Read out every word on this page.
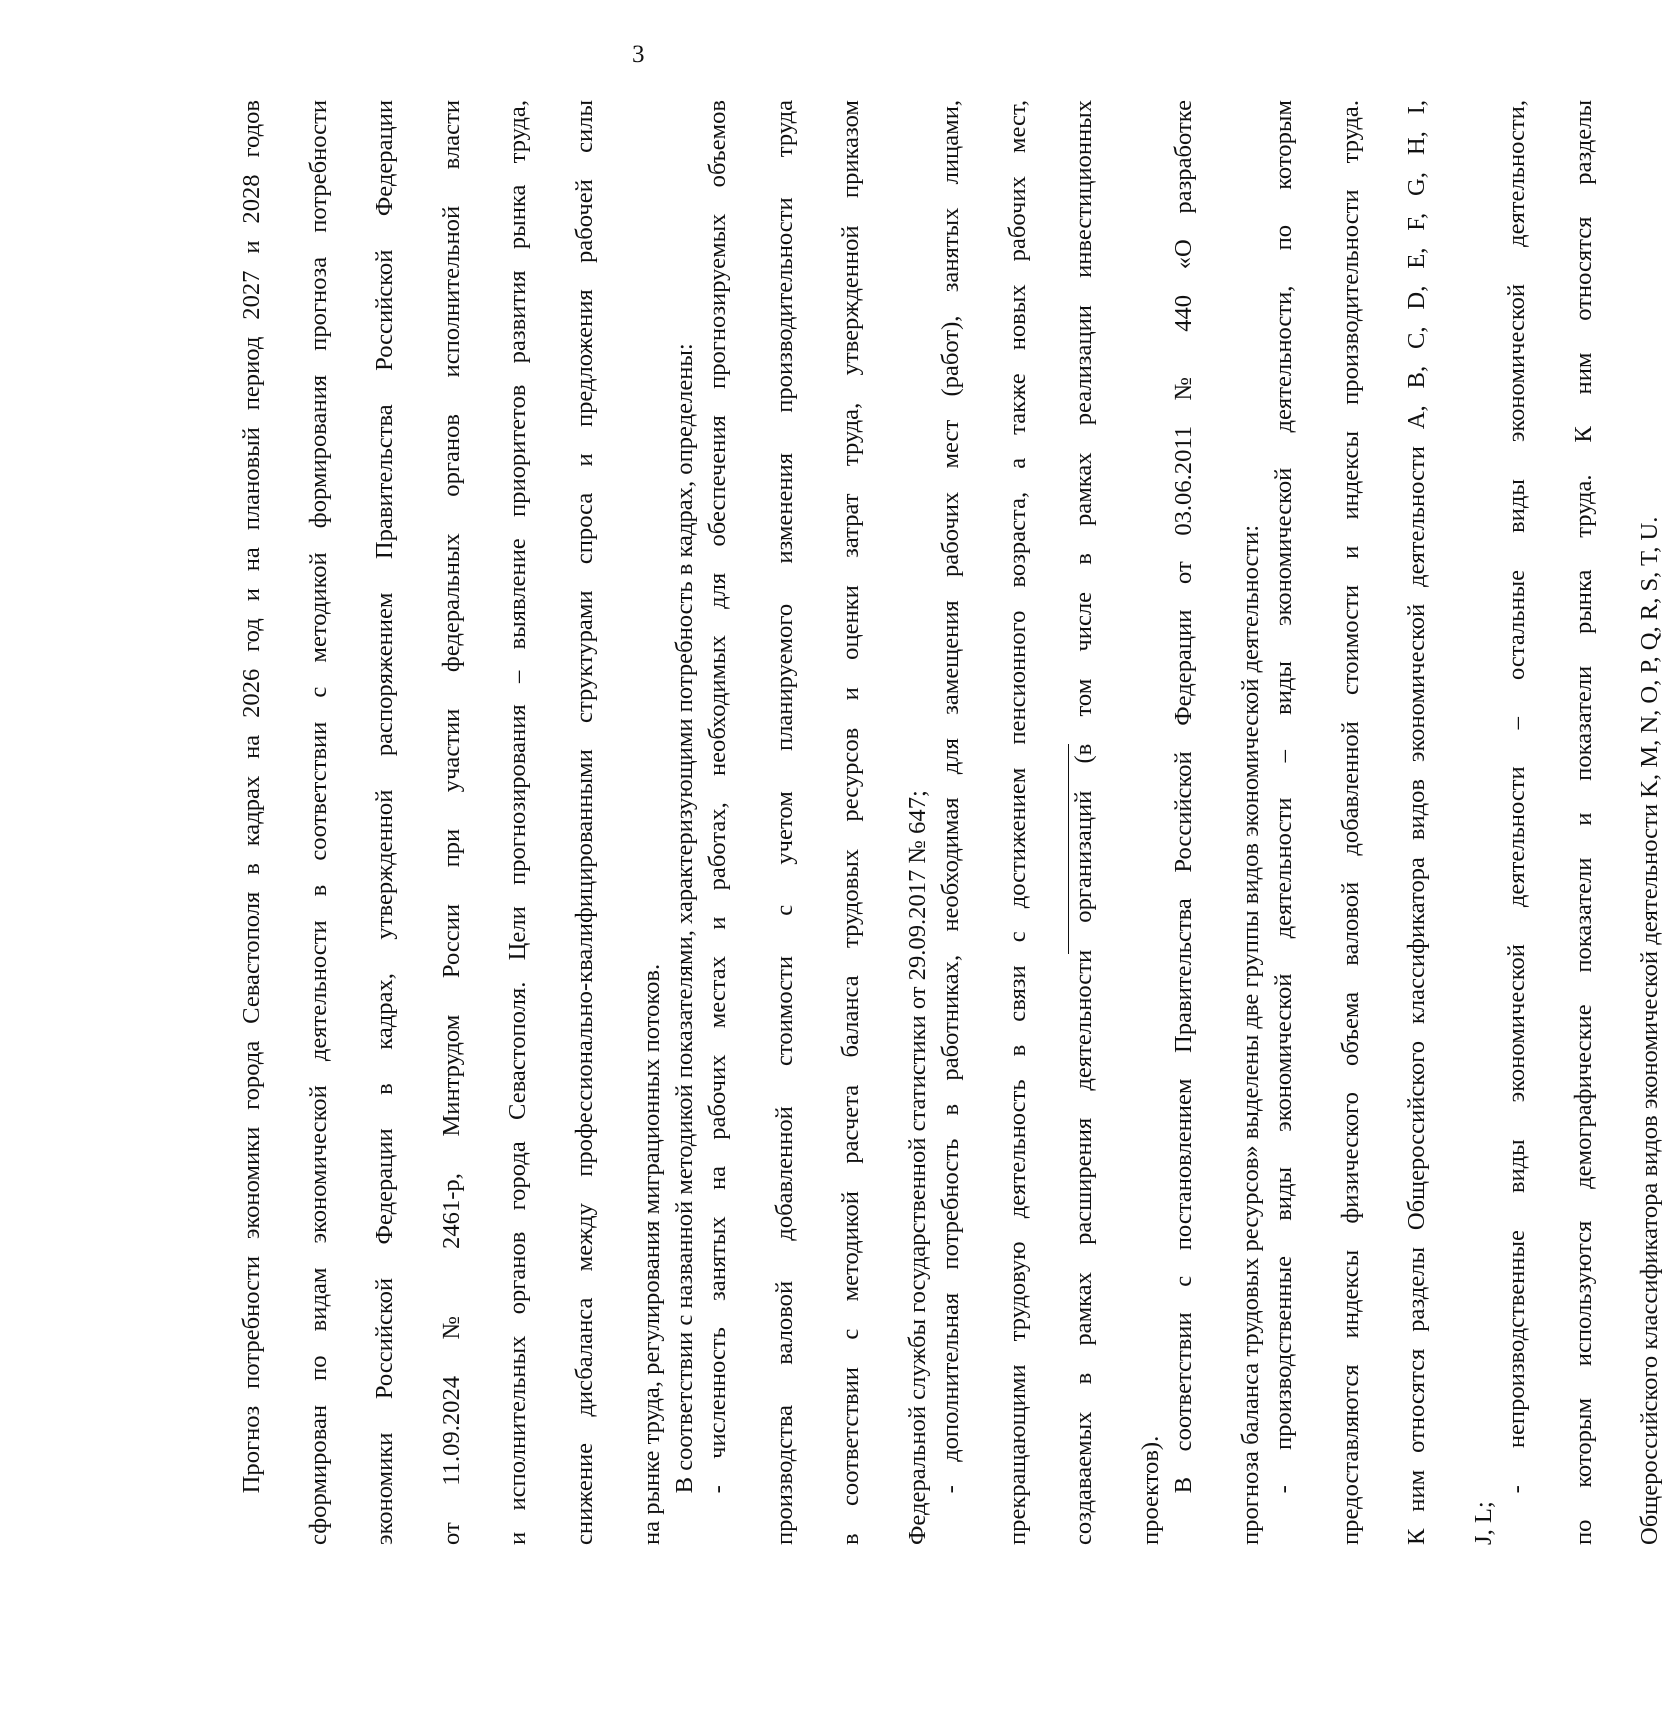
3

Прогноз потребности экономики города Севастополя в кадрах на 2026 год и на плановый период 2027 и 2028 годов сформирован по видам экономической деятельности в соответствии с методикой формирования прогноза потребности экономики Российской Федерации в кадрах, утвержденной распоряжением Правительства Российской Федерации от 11.09.2024 № 2461-р, Минтрудом России при участии федеральных органов исполнительной власти и исполнительных органов города Севастополя. Цели прогнозирования – выявление приоритетов развития рынка труда, снижение дисбаланса между профессионально-квалифицированными структурами спроса и предложения рабочей силы на рынке труда, регулирования миграционных потоков. В соответствии с названной методикой показателями, характеризующими потребность в кадрах, определены: - численность занятых на рабочих местах и работах, необходимых для обеспечения прогнозируемых объемов производства валовой добавленной стоимости с учетом планируемого изменения производительности труда в соответствии с методикой расчета баланса трудовых ресурсов и оценки затрат труда, утвержденной приказом Федеральной службы государственной статистики от 29.09.2017 № 647; - дополнительная потребность в работниках, необходимая для замещения рабочих мест (работ), занятых лицами, прекращающими трудовую деятельность в связи с достижением пенсионного возраста, а также новых рабочих мест, создаваемых в рамках расширения деятельности организаций (в том числе в рамках реализации инвестиционных проектов). В соответствии с постановлением Правительства Российской Федерации от 03.06.2011 № 440 «О разработке прогноза баланса трудовых ресурсов» выделены две группы видов экономической деятельности: - производственные виды экономической деятельности – виды экономической деятельности, по которым предоставляются индексы физического объема валовой добавленной стоимости и индексы производительности труда. К ним относятся разделы Общероссийского классификатора видов экономической деятельности A, B, C, D, E, F, G, H, I, J, L;

- непроизводственные виды экономической деятельности – остальные виды экономической деятельности, по которым используются демографические показатели и показатели рынка труда. К ним относятся разделы Общероссийского классификатора видов экономической деятельности K, M, N, O, P, Q, R, S, T, U.
